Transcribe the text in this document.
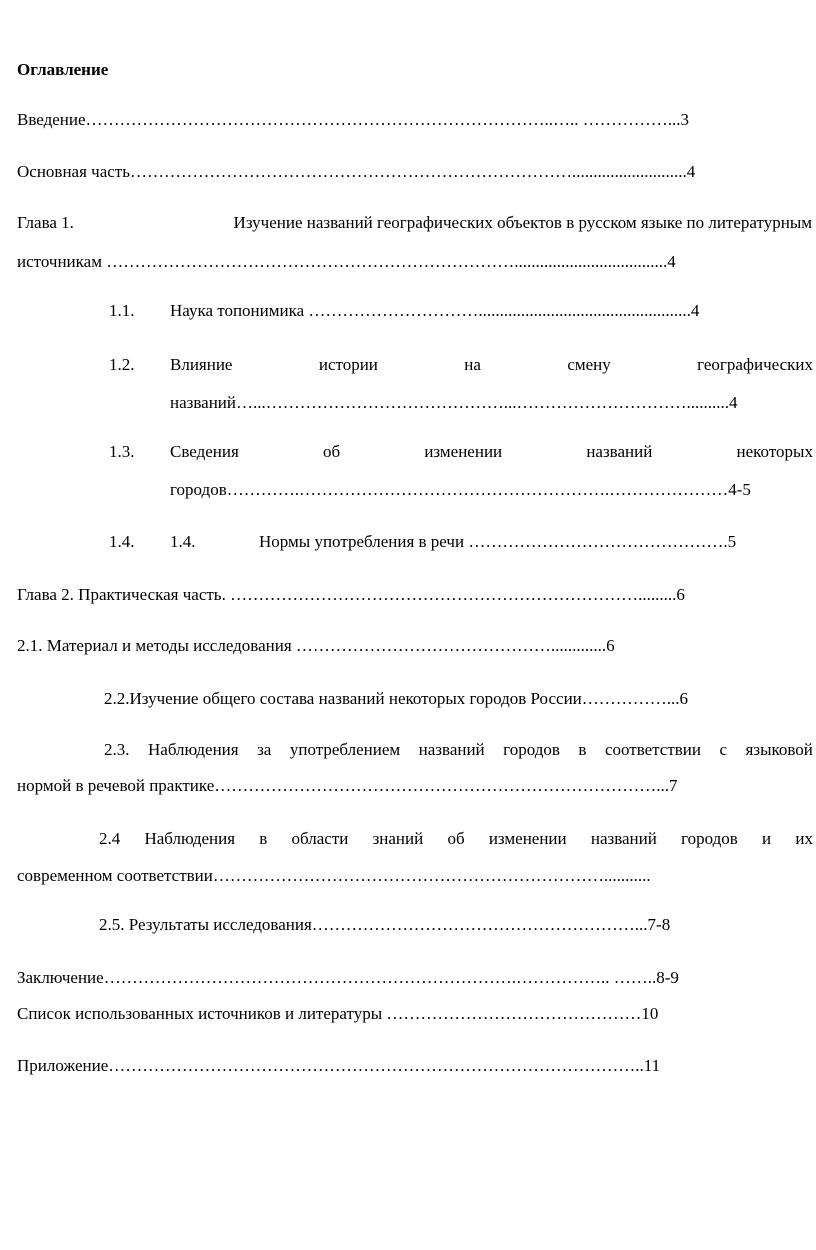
Оглавление
Введение………………………………………………………………………..….. ……………...3
Основная часть……………………………………………………………………...........................4
Глава 1.	Изучение названий географических объектов в русском языке по литературным
источникам ………………………………………………………………....................................4
1.1. Наука топонимика …………………………..................................................4
1.2. Влияние	истории	на	смену	географических
названий…...……………………………………...…………………………..........4
1.3. Сведения	об	изменении	названий	некоторых
городов………….……………………………………………….…………………4-5
1.4. 1.4.	Нормы употребления в речи ……………………………………….5
Глава 2. Практическая часть. ……………………………………………………………….........6
2.1. Материал и методы исследования ……………………………………….............6
2.2.Изучение общего состава названий некоторых городов России……………...6
2.3. Наблюдения за употреблением названий городов в соответствии с языковой
нормой в речевой практике……………………………………………………………………...7
2.4 Наблюдения в области знаний об изменении названий городов и их
современном соответствии……………………………………………………………...........
2.5. Результаты исследования…………………………………………………...7-8
Заключение……………………………………………………………….…………….. ……..8-9
Список использованных источников и литературы ………………………………………10
Приложение…………………………………………………………………………………..11
